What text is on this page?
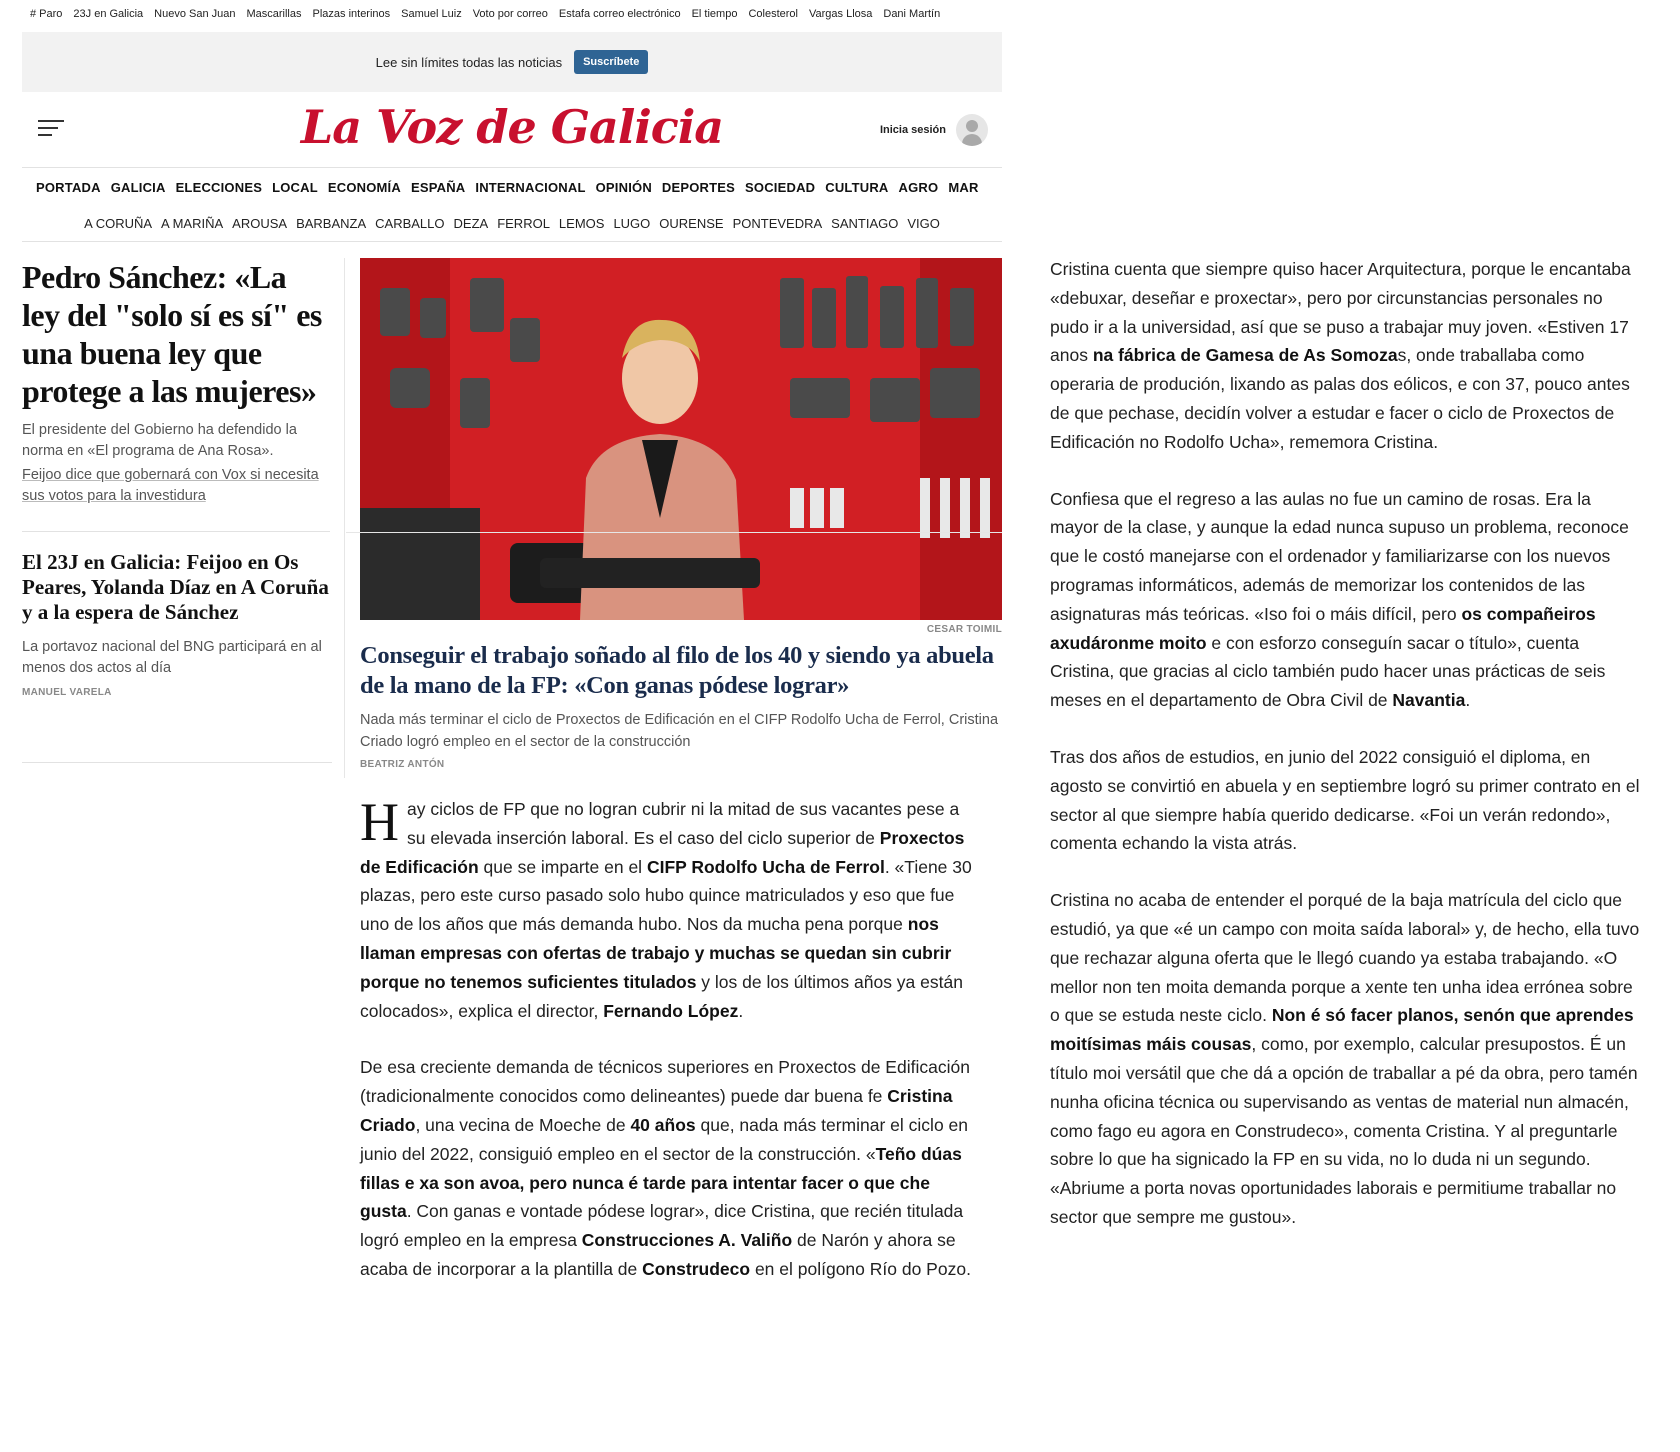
# Paro 23J en Galicia Nuevo San Juan Mascarillas Plazas interinos Samuel Luiz Voto por correo Estafa correo electrónico El tiempo Colesterol Vargas Llosa Dani Martín
Lee sin límites todas las noticias	Suscríbete
La Voz de Galicia	Inicia sesión
PORTADA GALICIA ELECCIONES LOCAL ECONOMÍA ESPAÑA INTERNACIONAL OPINIÓN DEPORTES SOCIEDAD CULTURA AGRO MAR
A CORUÑA A MARIÑA AROUSA BARBANZA CARBALLO DEZA FERROL LEMOS LUGO OURENSE PONTEVEDRA SANTIAGO VIGO
Pedro Sánchez: «La ley del "solo sí es sí" es una buena ley que protege a las mujeres»

El presidente del Gobierno ha defendido la norma en «El programa de Ana Rosa».

Feijoo dice que gobernará con Vox si necesita sus votos para la investidura

El 23J en Galicia: Feijoo en Os Peares, Yolanda Díaz en A Coruña y a la espera de Sánchez

La portavoz nacional del BNG participará en al menos dos actos al día

MANUEL VARELA

CESAR TOIMIL

Conseguir el trabajo soñado al filo de los 40 y siendo ya abuela de la mano de la FP: «Con ganas pódese lograr»

Nada más terminar el ciclo de Proxectos de Edificación en el CIFP Rodolfo Ucha de Ferrol, Cristina Criado logró empleo en el sector de la construcción

BEATRIZ ANTÓN

Hay ciclos de FP que no logran cubrir ni la mitad de sus vacantes pese a su elevada inserción laboral. Es el caso del ciclo superior de Proxectos de Edificación que se imparte en el CIFP Rodolfo Ucha de Ferrol. «Tiene 30 plazas, pero este curso pasado solo hubo quince matriculados y eso que fue uno de los años que más demanda hubo. Nos da mucha pena porque nos llaman empresas con ofertas de trabajo y muchas se quedan sin cubrir porque no tenemos suficientes titulados y los de los últimos años ya están colocados», explica el director, Fernando López.

De esa creciente demanda de técnicos superiores en Proxectos de Edificación (tradicionalmente conocidos como delineantes) puede dar buena fe Cristina Criado, una vecina de Moeche de 40 años que, nada más terminar el ciclo en junio del 2022, consiguió empleo en el sector de la construcción. «Teño dúas fillas e xa son avoa, pero nunca é tarde para intentar facer o que che gusta. Con ganas e vontade pódese lograr», dice Cristina, que recién titulada logró empleo en la empresa Construcciones A. Valiño de Narón y ahora se acaba de incorporar a la plantilla de Construdeco en el polígono Río do Pozo.

Cristina cuenta que siempre quiso hacer Arquitectura, porque le encantaba «debuxar, deseñar e proxectar», pero por circunstancias personales no pudo ir a la universidad, así que se puso a trabajar muy joven. «Estiven 17 anos na fábrica de Gamesa de As Somozas, onde traballaba como operaria de produción, lixando as palas dos eólicos, e con 37, pouco antes de que pechase, decidín volver a estudar e facer o ciclo de Proxectos de Edificación no Rodolfo Ucha», rememora Cristina.

Confiesa que el regreso a las aulas no fue un camino de rosas. Era la mayor de la clase, y aunque la edad nunca supuso un problema, reconoce que le costó manejarse con el ordenador y familiarizarse con los nuevos programas informáticos, además de memorizar los contenidos de las asignaturas más teóricas. «Iso foi o máis difícil, pero os compañeiros axudáronme moito e con esforzo conseguín sacar o título», cuenta Cristina, que gracias al ciclo también pudo hacer unas prácticas de seis meses en el departamento de Obra Civil de Navantia.

Tras dos años de estudios, en junio del 2022 consiguió el diploma, en agosto se convirtió en abuela y en septiembre logró su primer contrato en el sector al que siempre había querido dedicarse. «Foi un verán redondo», comenta echando la vista atrás.

Cristina no acaba de entender el porqué de la baja matrícula del ciclo que estudió, ya que «é un campo con moita saída laboral» y, de hecho, ella tuvo que rechazar alguna oferta que le llegó cuando ya estaba trabajando. «O mellor non ten moita demanda porque a xente ten unha idea errónea sobre o que se estuda neste ciclo. Non é só facer planos, senón que aprendes moitísimas máis cousas, como, por exemplo, calcular presupostos. É un título moi versátil que che dá a opción de traballar a pé da obra, pero tamén nunha oficina técnica ou supervisando as ventas de material nun almacén, como fago eu agora en Construdeco», comenta Cristina. Y al preguntarle sobre lo que ha signicado la FP en su vida, no lo duda ni un segundo. «Abriume a porta novas oportunidades laborais e permitiume traballar no sector que sempre me gustou».
